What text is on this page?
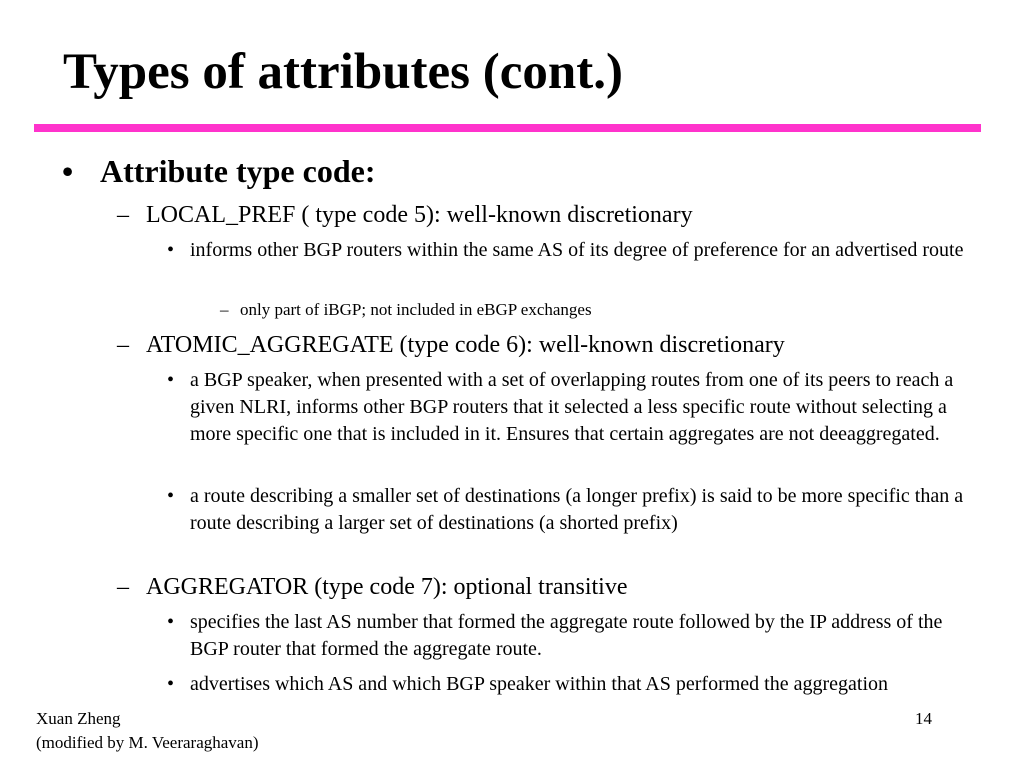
Types of attributes (cont.)
• Attribute type code:
– LOCAL_PREF ( type code 5): well-known discretionary
• informs other BGP routers within the same AS of its degree of preference for an advertised route
– only part of iBGP; not included in eBGP exchanges
– ATOMIC_AGGREGATE (type code 6): well-known discretionary
• a BGP speaker, when presented with a set of overlapping routes from one of its peers to reach a given NLRI, informs other BGP routers that it selected a less specific route without selecting a more specific one that is included in it. Ensures that certain aggregates are not deeaggregated.
• a route describing a smaller set of destinations (a longer prefix) is said to be more specific than a route describing a larger set of destinations (a shorted prefix)
– AGGREGATOR (type code 7): optional transitive
• specifies the last AS number that formed the aggregate route followed by the IP address of the BGP router that formed the aggregate route.
• advertises which AS and which BGP speaker within that AS performed the aggregation
Xuan Zheng
(modified by M. Veeraraghavan)
14
